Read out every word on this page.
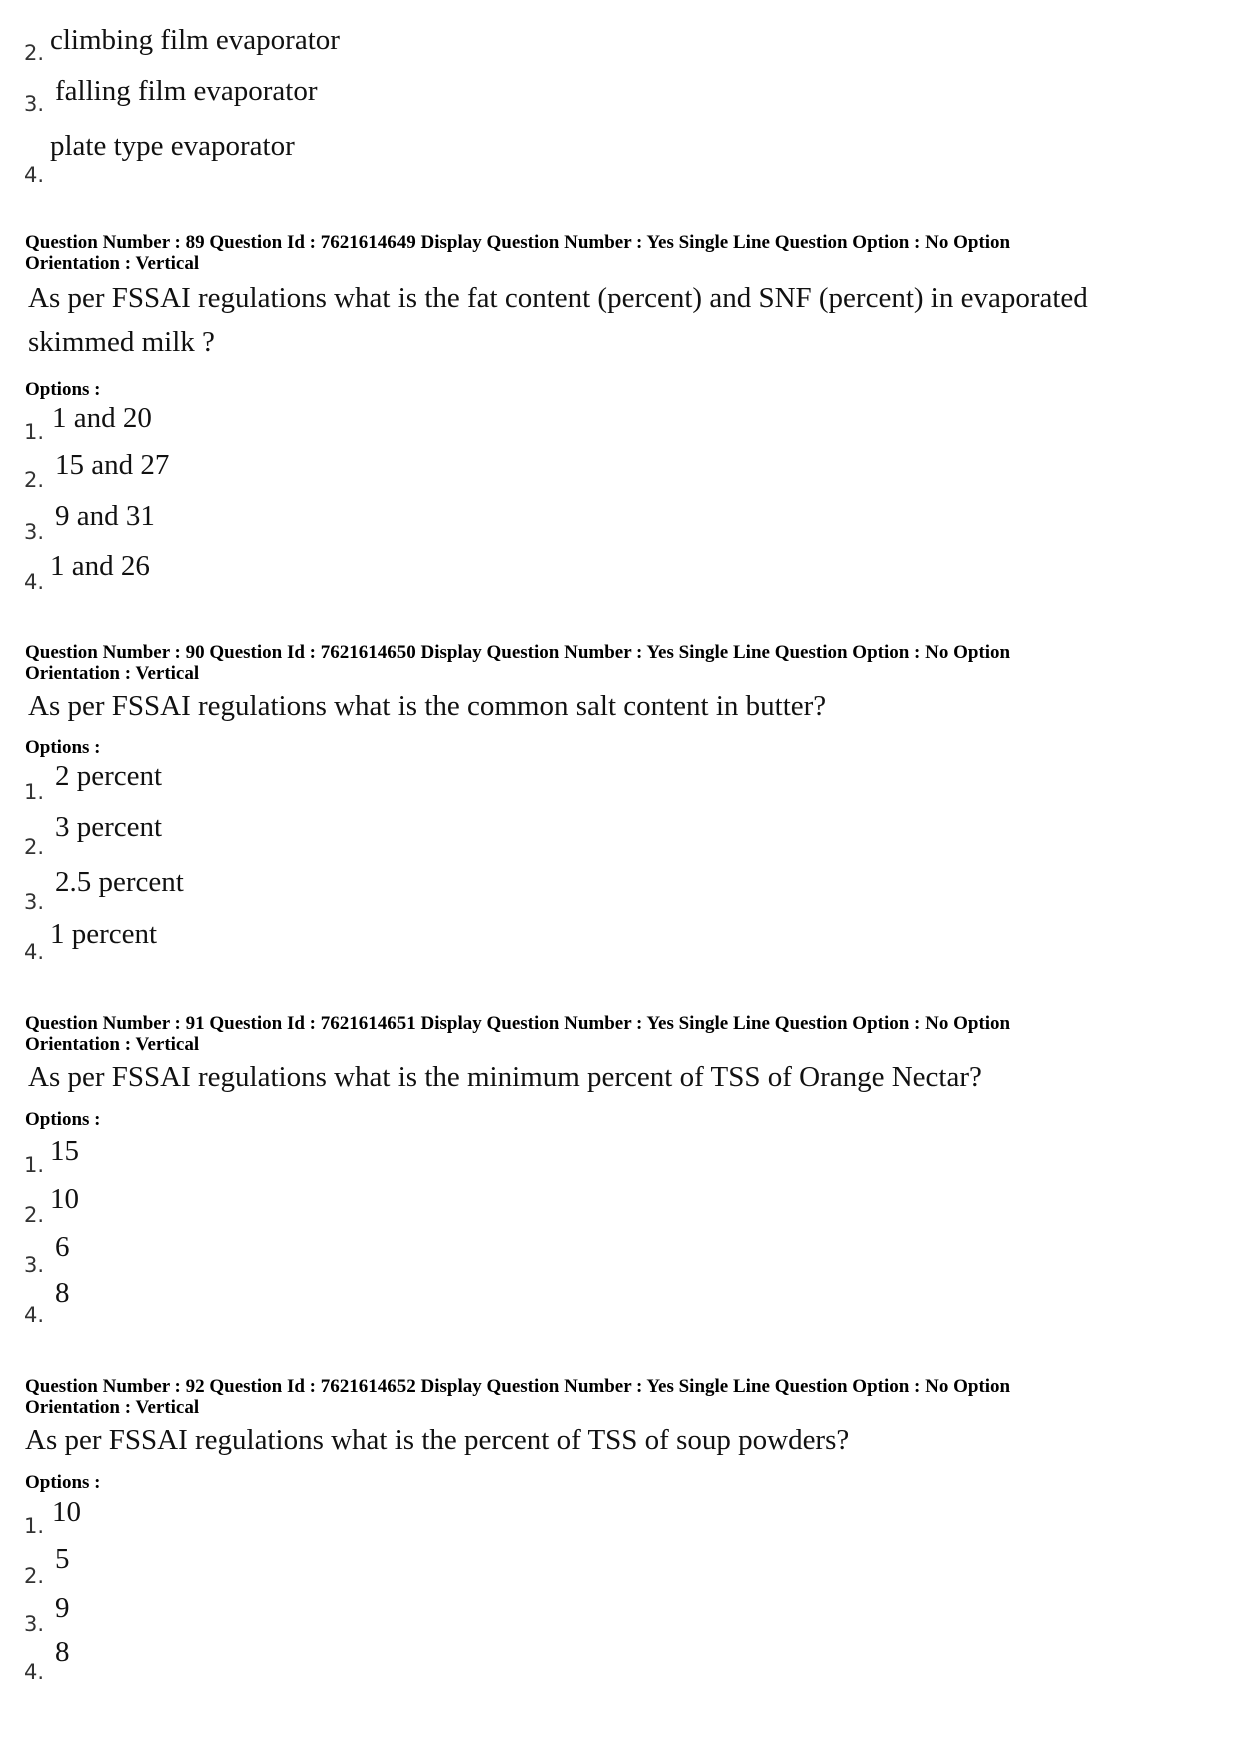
2. climbing film evaporator
3. falling film evaporator
4.
plate type evaporator
Question Number : 89 Question Id : 7621614649 Display Question Number : Yes Single Line Question Option : No Option
Orientation : Vertical
As per FSSAI regulations what is the fat content (percent) and SNF (percent) in evaporated skimmed milk ?
Options :
1. 1 and 20
2. 15 and 27
3. 9 and 31
4. 1 and 26
Question Number : 90 Question Id : 7621614650 Display Question Number : Yes Single Line Question Option : No Option
Orientation : Vertical
As per FSSAI regulations what is the common salt content in butter?
Options :
1. 2 percent
2.
3 percent
3.
2.5 percent
4.
1 percent
Question Number : 91 Question Id : 7621614651 Display Question Number : Yes Single Line Question Option : No Option
Orientation : Vertical
As per FSSAI regulations what is the minimum percent of TSS of Orange Nectar?
Options :
1. 15
2. 10
3.
6
4.
8
Question Number : 92 Question Id : 7621614652 Display Question Number : Yes Single Line Question Option : No Option
Orientation : Vertical
As per FSSAI regulations what is the percent of TSS of soup powders?
Options :
1. 10
2.
5
3. 9
4.
8
